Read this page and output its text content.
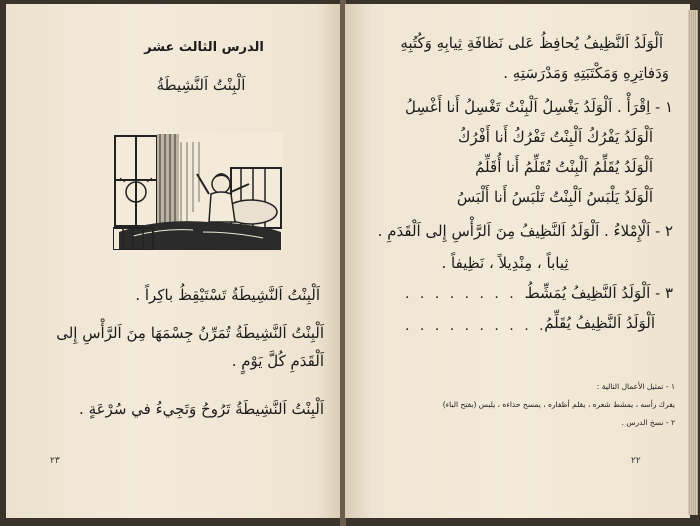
الدرس الثالث عشر
اَلْبِنْتُ اَلنَّشِيطَةُ
اَلْبِنْتُ اَلنَّشِيطَةُ تَسْتَيْقِظُ باكِراً .
اَلْبِنْتُ اَلنَّشِيطَةُ تُمَرِّنُ جِسْمَهَا مِنَ اَلرَّأْسِ إِلى
اَلْقَدَمِ كُلَّ يَوْمٍ .
اَلْبِنْتُ اَلنَّشِيطَةُ تَرُوحُ وَتَجِيءُ في سُرْعَةٍ .
٢٣
اَلْوَلَدُ اَلنَّظِيفُ يُحافِظُ عَلى نَظافَةِ ثِيابِهِ وَكُتُبِهِ
وَدَفاتِرِهِ وَمَكْتَبَتِهِ وَمَدْرَسَتِهِ .
١ - اِقْرَأْ . اَلْوَلَدُ يَغْسِلُ اَلْبِنْتُ تَغْسِلُ أَنا أَغْسِلُ
اَلْوَلَدُ يَفْرُكُ اَلْبِنْتُ تَفْرُكُ أَنا أَفْرُكُ
اَلْوَلَدُ يُقَلِّمُ اَلْبِنْتُ تُقَلِّمُ أَنا أُقَلِّمُ
اَلْوَلَدُ يَلْبَسُ اَلْبِنْتُ تَلْبَسُ أَنا أَلْبَسُ
٢ - اَلْإِمْلاءُ . اَلْوَلَدُ اَلنَّظِيفُ مِنَ اَلرَّأْسِ إِلى اَلْقَدَمِ .
ثِياباً ، مِنْدِيلاً ، نَظِيفاً .
. . . . . . . . . .
٣ - اَلْوَلَدُ اَلنَّظِيفُ يُمَشِّطُ
. . . . . . . . . .
اَلْوَلَدُ اَلنَّظِيفُ يُقَلِّمُ
١ - تمثيل الأعمال التالية :
يفرك رأسه ، يمشط شعره ، يقلم أظفاره ، يمسح حذاءه ، يلبس (بفتح الباء)
٢ - نسخ الدرس .
٢٢
